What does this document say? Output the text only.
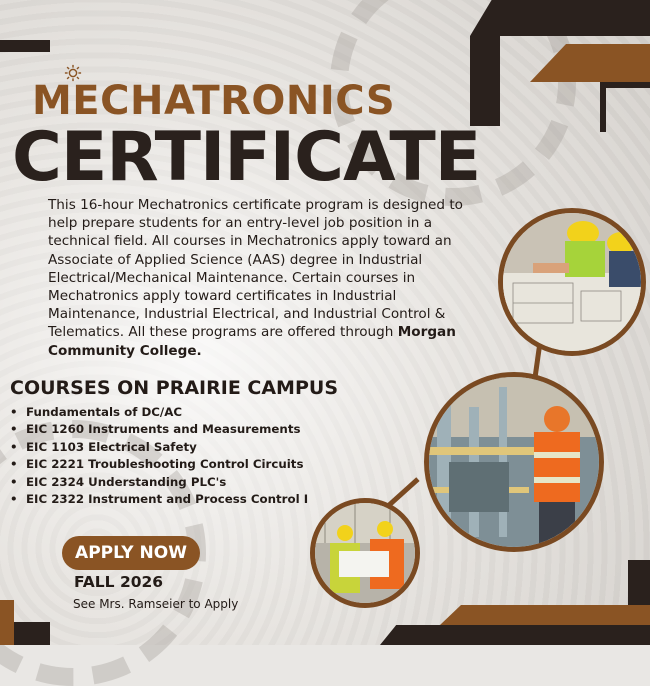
MECHATRONICS
CERTIFICATE
This 16-hour Mechatronics certificate program is designed to help prepare students for an entry-level job position in a technical field. All courses in Mechatronics apply toward an Associate of Applied Science (AAS) degree in Industrial Electrical/Mechanical Maintenance. Certain courses in Mechatronics apply toward certificates in Industrial Maintenance, Industrial Electrical, and Industrial Control & Telematics. All these programs are offered through Morgan Community College.
COURSES ON PRAIRIE CAMPUS
• Fundamentals of DC/AC
• EIC 1260 Instruments and Measurements
• EIC 1103 Electrical Safety
• EIC 2221 Troubleshooting Control Circuits
• EIC 2324 Understanding PLC's
• EIC 2322 Instrument and Process Control I
APPLY NOW
FALL 2026
See Mrs. Ramseier to Apply
